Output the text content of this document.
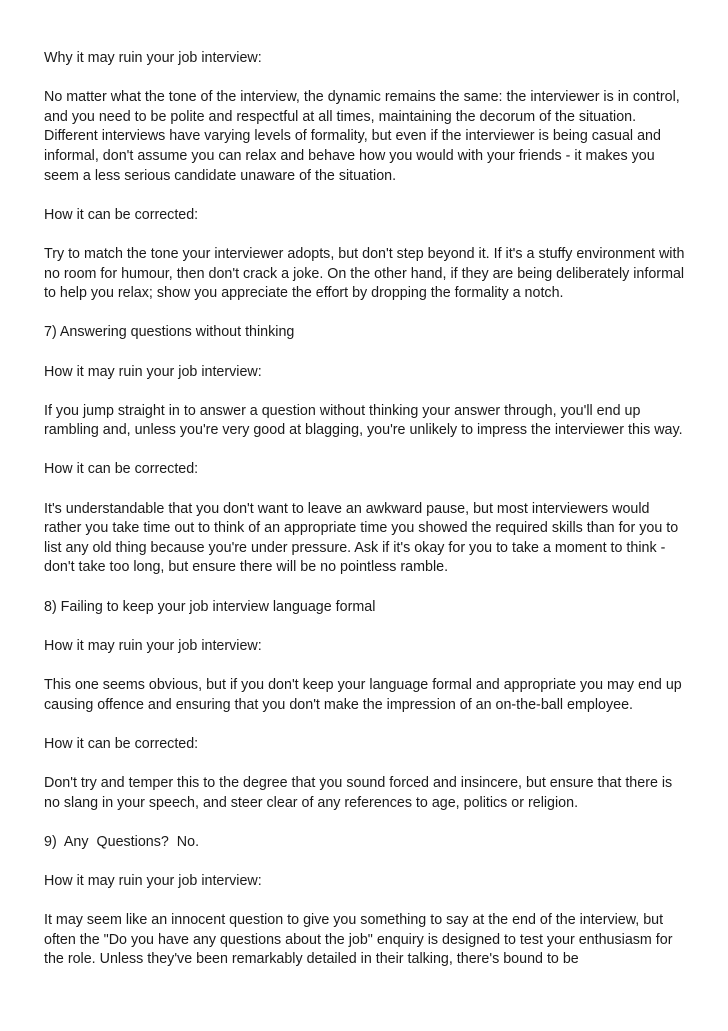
Why it may ruin your job interview:

No matter what the tone of the interview, the dynamic remains the same: the interviewer is in control, and you need to be polite and respectful at all times, maintaining the decorum of the situation. Different interviews have varying levels of formality, but even if the interviewer is being casual and informal, don't assume you can relax and behave how you would with your friends - it makes you seem a less serious candidate unaware of the situation.

How it can be corrected:

Try to match the tone your interviewer adopts, but don't step beyond it. If it's a stuffy environment with no room for humour, then don't crack a joke. On the other hand, if they are being deliberately informal to help you relax; show you appreciate the effort by dropping the formality a notch.

7) Answering questions without thinking

How it may ruin your job interview:

If you jump straight in to answer a question without thinking your answer through, you'll end up rambling and, unless you're very good at blagging, you're unlikely to impress the interviewer this way.

How it can be corrected:

It's understandable that you don't want to leave an awkward pause, but most interviewers would rather you take time out to think of an appropriate time you showed the required skills than for you to list any old thing because you're under pressure. Ask if it's okay for you to take a moment to think - don't take too long, but ensure there will be no pointless ramble.

8) Failing to keep your job interview language formal

How it may ruin your job interview:

This one seems obvious, but if you don't keep your language formal and appropriate you may end up causing offence and ensuring that you don't make the impression of an on-the-ball employee.

How it can be corrected:

Don't try and temper this to the degree that you sound forced and insincere, but ensure that there is no slang in your speech, and steer clear of any references to age, politics or religion.

9) Any Questions? No.

How it may ruin your job interview:

It may seem like an innocent question to give you something to say at the end of the interview, but often the "Do you have any questions about the job" enquiry is designed to test your enthusiasm for the role. Unless they've been remarkably detailed in their talking, there's bound to be
